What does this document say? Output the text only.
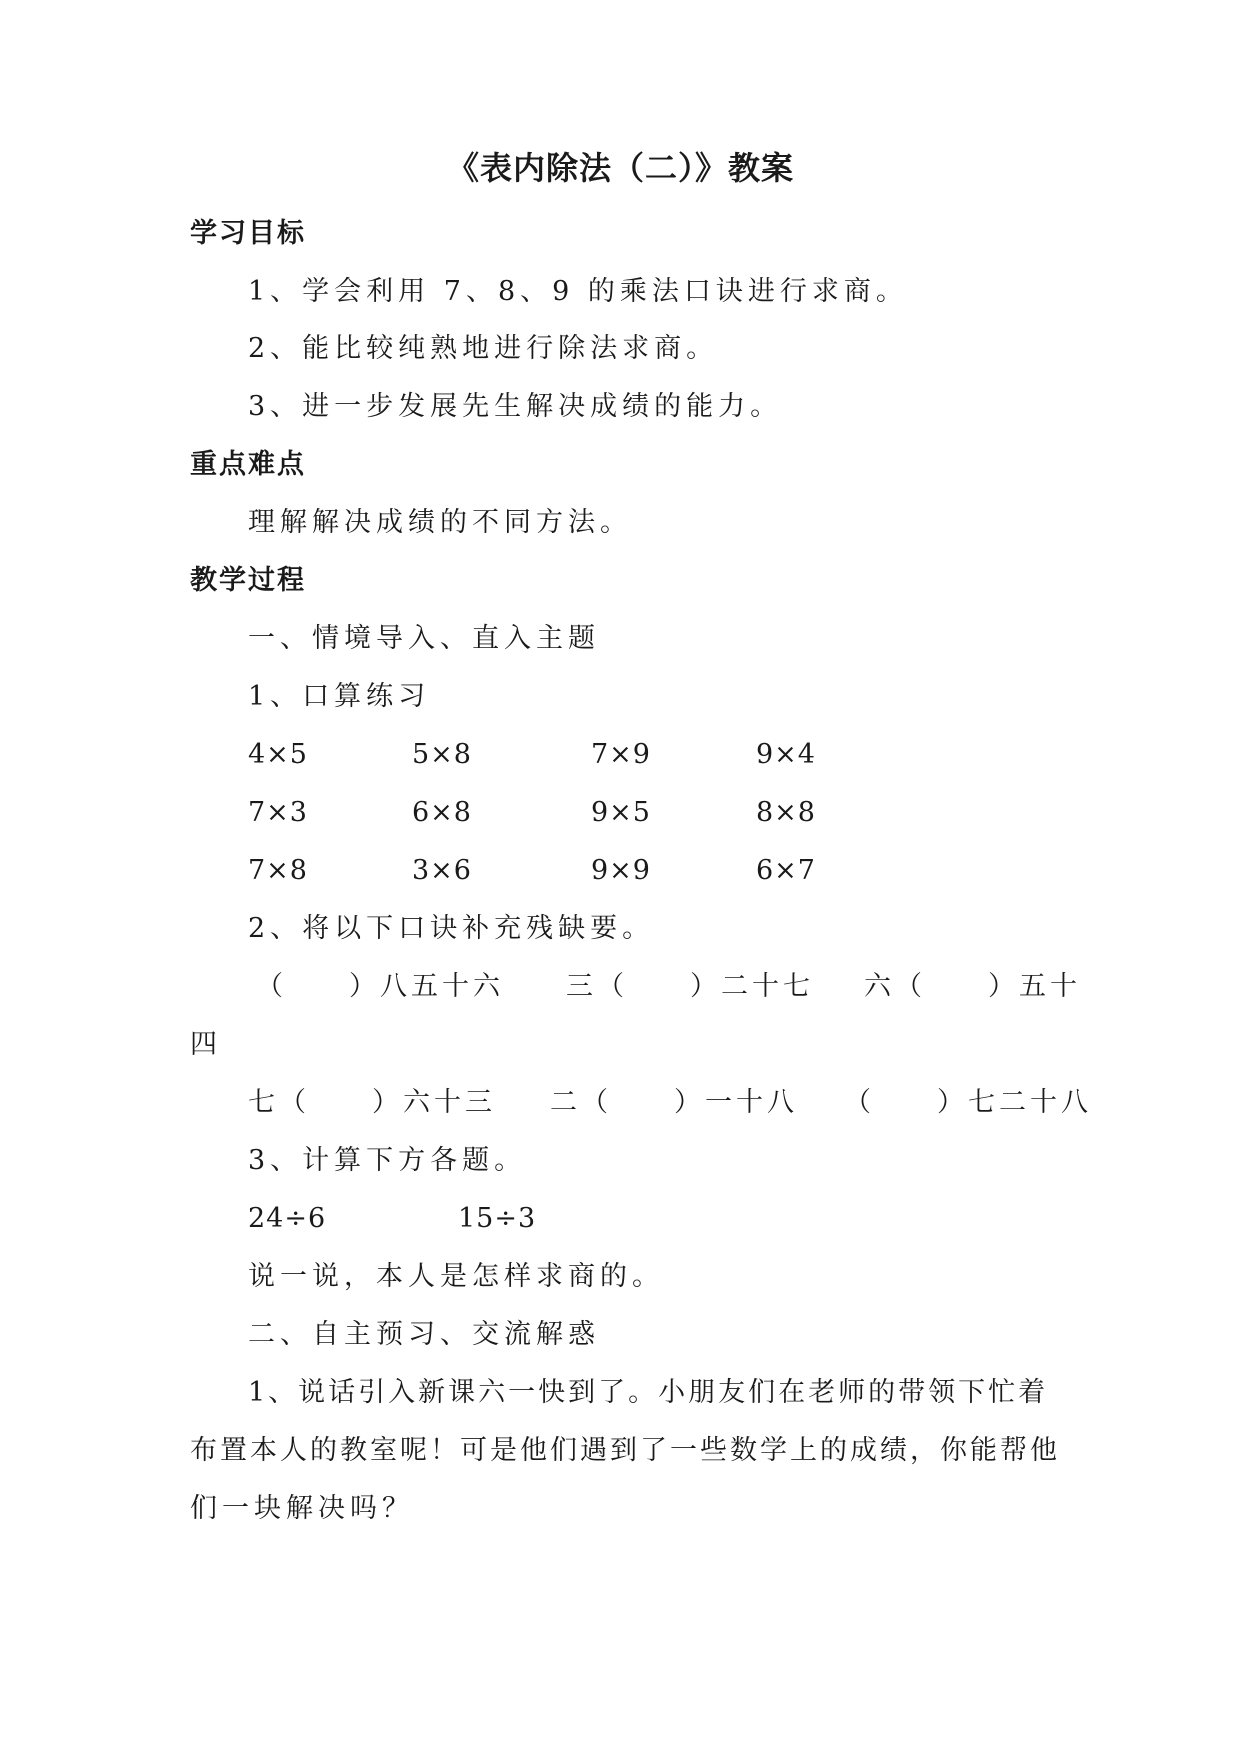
《表内除法（二）》教案
学习目标
1、学会利用 7、8、9 的乘法口诀进行求商。
2、能比较纯熟地进行除法求商。
3、进一步发展先生解决成绩的能力。
重点难点
理解解决成绩的不同方法。
教学过程
一、情境导入、直入主题
1、口算练习
4×5	5×8	7×9	9×4
7×3	6×8	9×5	8×8
7×8	3×6	9×9	6×7
2、将以下口诀补充残缺要。
（　　）八五十六 三（　　）二十七 六（　　）五十
四
七（　　）六十三 二（　　）一十八 （　　）七二十八
3、计算下方各题。
24÷6	15÷3
说一说，本人是怎样求商的。
二、自主预习、交流解惑
1、说话引入新课六一快到了。小朋友们在老师的带领下忙着
布置本人的教室呢！可是他们遇到了一些数学上的成绩，你能帮他
们一块解决吗？
